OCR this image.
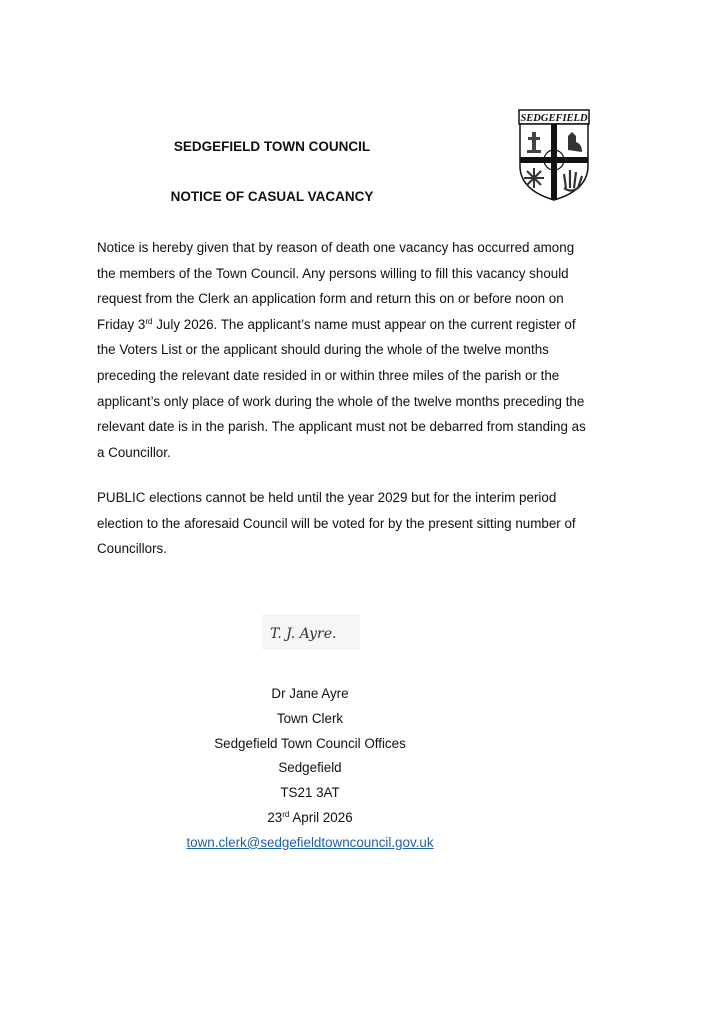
SEDGEFIELD TOWN COUNCIL
NOTICE OF CASUAL VACANCY
SEDGEFIELD
Notice is hereby given that by reason of death one vacancy has occurred among
the members of the Town Council. Any persons willing to fill this vacancy should
request from the Clerk an application form and return this on or before noon on
Friday 3rd July 2026. The applicant’s name must appear on the current register of
the Voters List or the applicant should during the whole of the twelve months
preceding the relevant date resided in or within three miles of the parish or the
applicant’s only place of work during the whole of the twelve months preceding the
relevant date is in the parish. The applicant must not be debarred from standing as
a Councillor.
PUBLIC elections cannot be held until the year 2029 but for the interim period
election to the aforesaid Council will be voted for by the present sitting number of
Councillors.
T. J. Ayre.
Dr Jane Ayre
Town Clerk
Sedgefield Town Council Offices
Sedgefield
TS21 3AT
23rd April 2026
town.clerk@sedgefieldtowncouncil.gov.uk
